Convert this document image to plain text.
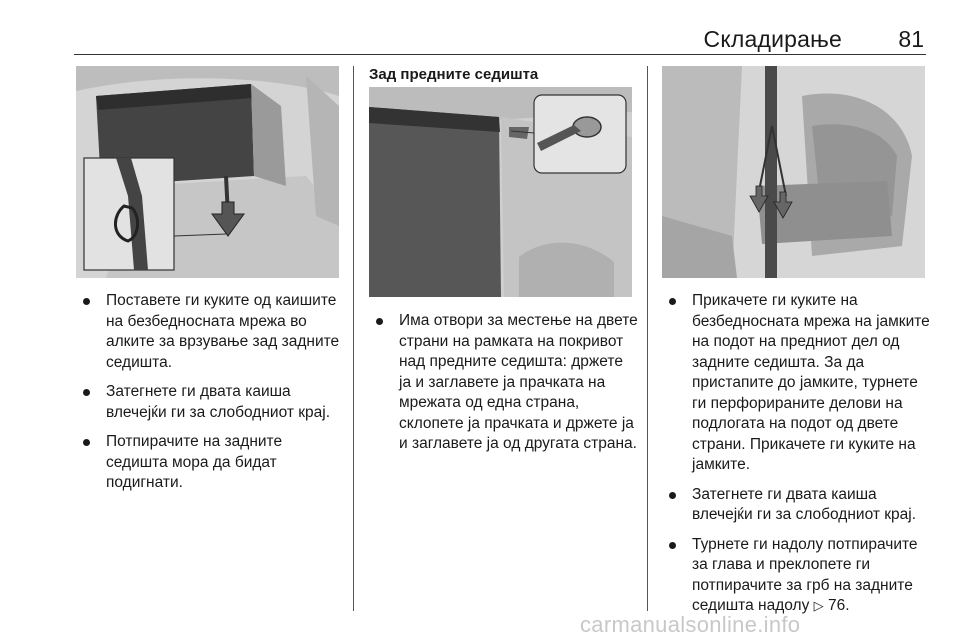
Складирање 81
Поставете ги куките од каишите на безбедносната мрежа во алките за врзување зад задните седишта.
Затегнете ги двата каиша влечејќи ги за слободниот крај.
Потпирачите на задните седишта мора да бидат подигнати.
Зад предните седишта
Има отвори за местење на двете страни на рамката на покривот над предните седишта: држете ја и заглавете ја прачката на мрежата од една страна, склопете ја прачката и држете ја и заглавете ја од другата страна.
Прикачете ги куките на безбедносната мрежа на јамките на подот на предниот дел од задните седишта. За да пристапите до јамките, турнете ги перфорираните делови на подлогата на подот од двете страни. Прикачете ги куките на јамките.
Затегнете ги двата каиша влечејќи ги за слободниот крај.
Турнете ги надолу потпирачите за глава и преклопете ги потпирачите за грб на задните седишта надолу ▷ 76.
carmanualsonline.info
